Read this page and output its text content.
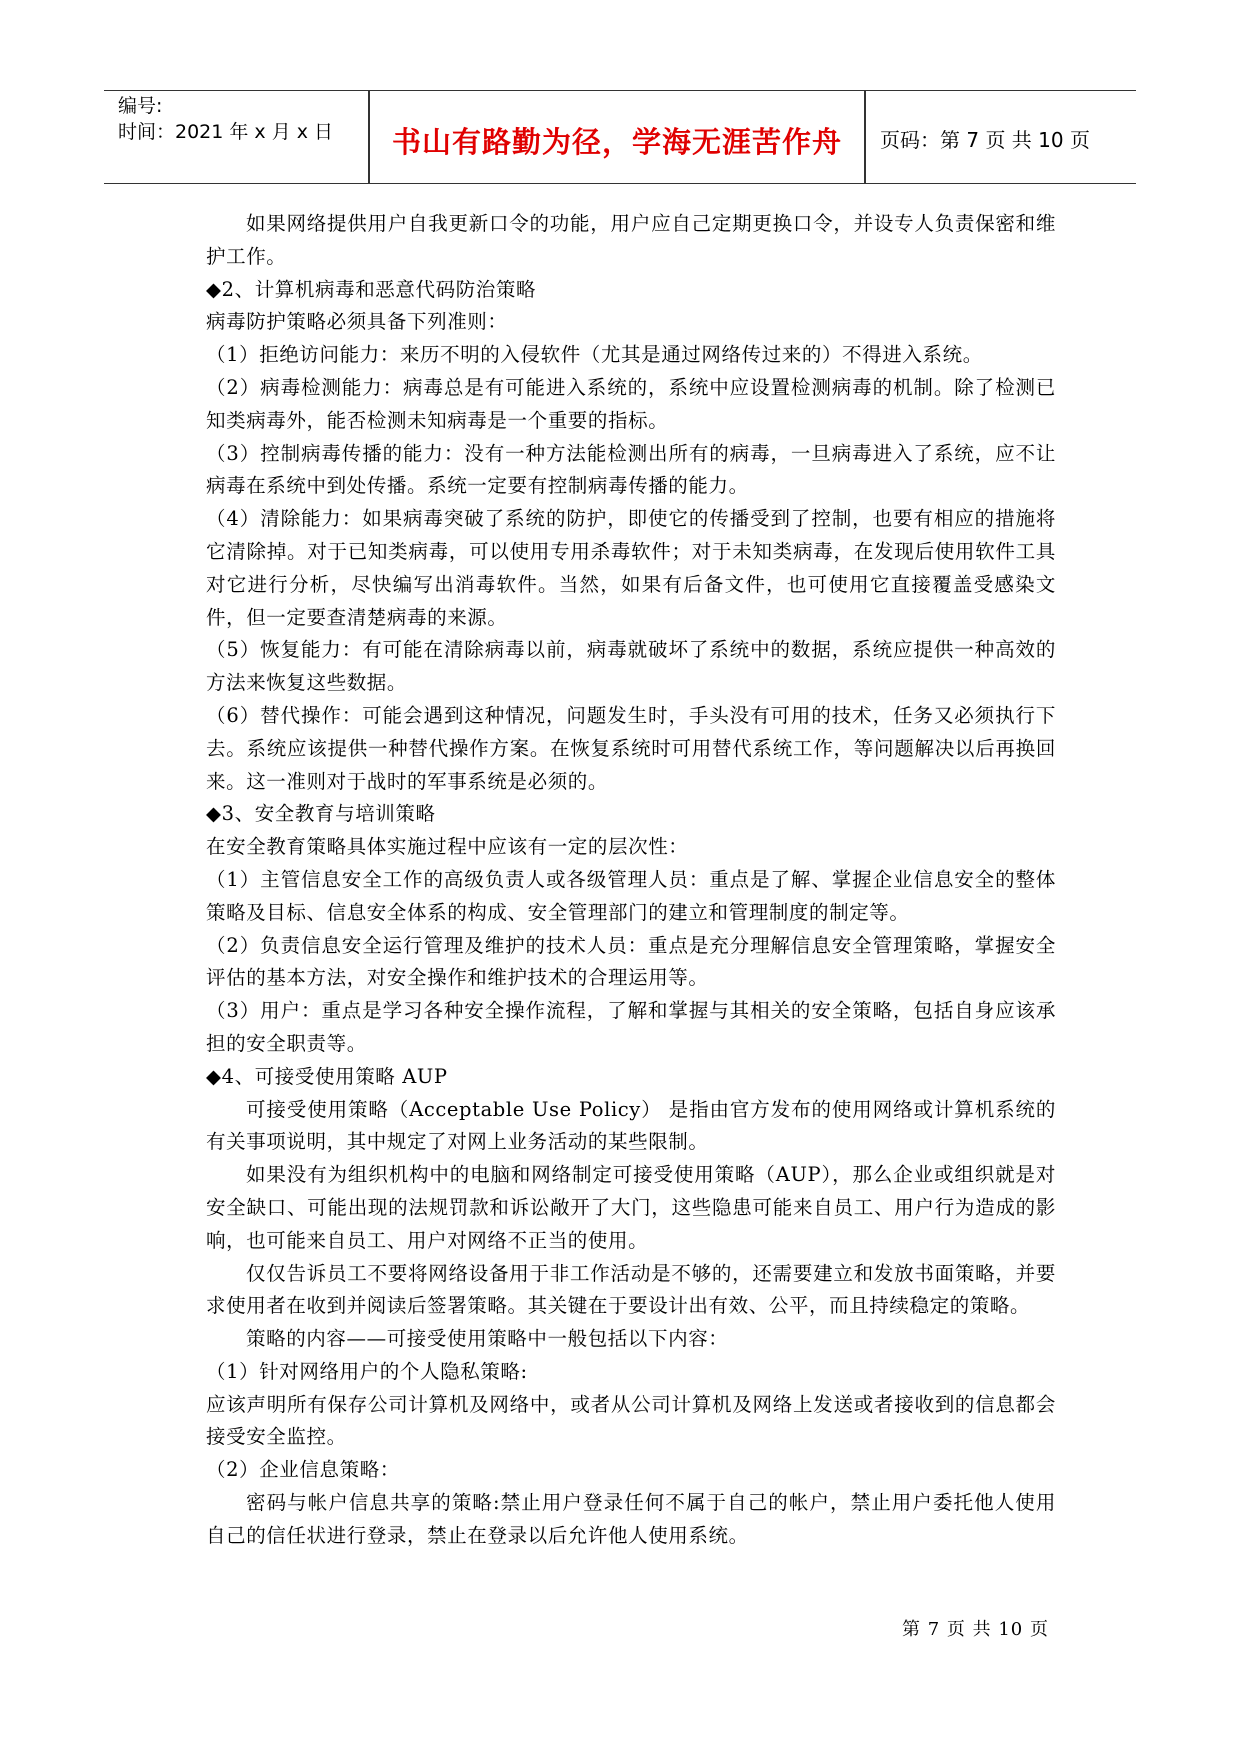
编号:
时间：2021 年 x 月 x 日	书山有路勤为径，学海无涯苦作舟	页码：第 7 页 共 10 页

如果网络提供用户自我更新口令的功能，用户应自己定期更换口令，并设专人负责保密和维护工作。

◆2、计算机病毒和恶意代码防治策略

病毒防护策略必须具备下列准则：

（1）拒绝访问能力：来历不明的入侵软件（尤其是通过网络传过来的）不得进入系统。

（2）病毒检测能力：病毒总是有可能进入系统的，系统中应设置检测病毒的机制。除了检测已知类病毒外，能否检测未知病毒是一个重要的指标。

（3）控制病毒传播的能力：没有一种方法能检测出所有的病毒，一旦病毒进入了系统，应不让病毒在系统中到处传播。系统一定要有控制病毒传播的能力。

（4）清除能力：如果病毒突破了系统的防护，即使它的传播受到了控制，也要有相应的措施将它清除掉。对于已知类病毒，可以使用专用杀毒软件；对于未知类病毒，在发现后使用软件工具对它进行分析，尽快编写出消毒软件。当然，如果有后备文件，也可使用它直接覆盖受感染文件，但一定要查清楚病毒的来源。

（5）恢复能力：有可能在清除病毒以前，病毒就破坏了系统中的数据，系统应提供一种高效的方法来恢复这些数据。

（6）替代操作：可能会遇到这种情况，问题发生时，手头没有可用的技术，任务又必须执行下去。系统应该提供一种替代操作方案。在恢复系统时可用替代系统工作，等问题解决以后再换回来。这一准则对于战时的军事系统是必须的。

◆3、安全教育与培训策略

在安全教育策略具体实施过程中应该有一定的层次性：

（1）主管信息安全工作的高级负责人或各级管理人员：重点是了解、掌握企业信息安全的整体策略及目标、信息安全体系的构成、安全管理部门的建立和管理制度的制定等。

（2）负责信息安全运行管理及维护的技术人员：重点是充分理解信息安全管理策略，掌握安全评估的基本方法，对安全操作和维护技术的合理运用等。

（3）用户：重点是学习各种安全操作流程，了解和掌握与其相关的安全策略，包括自身应该承担的安全职责等。

◆4、可接受使用策略 AUP

可接受使用策略（Acceptable Use Policy） 是指由官方发布的使用网络或计算机系统的有关事项说明，其中规定了对网上业务活动的某些限制。

如果没有为组织机构中的电脑和网络制定可接受使用策略（AUP），那么企业或组织就是对安全缺口、可能出现的法规罚款和诉讼敞开了大门，这些隐患可能来自员工、用户行为造成的影响，也可能来自员工、用户对网络不正当的使用。

仅仅告诉员工不要将网络设备用于非工作活动是不够的，还需要建立和发放书面策略，并要求使用者在收到并阅读后签署策略。其关键在于要设计出有效、公平，而且持续稳定的策略。

策略的内容——可接受使用策略中一般包括以下内容：

（1）针对网络用户的个人隐私策略:

应该声明所有保存公司计算机及网络中，或者从公司计算机及网络上发送或者接收到的信息都会接受安全监控。

（2）企业信息策略：

密码与帐户信息共享的策略:禁止用户登录任何不属于自己的帐户，禁止用户委托他人使用自己的信任状进行登录，禁止在登录以后允许他人使用系统。

第 7 页 共 10 页
